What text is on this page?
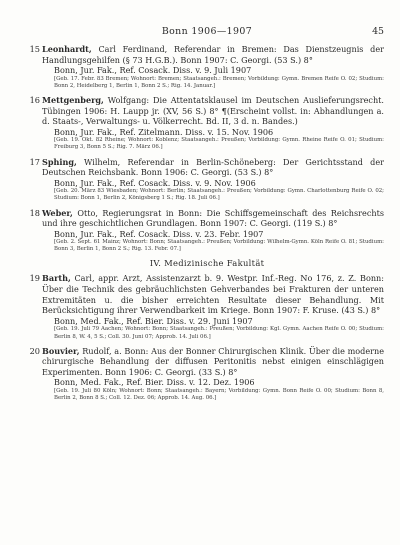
Bonn 1906—1907	45
15 Leonhardt, Carl Ferdinand, Referendar in Bremen: Das Dienstzeugnis der Handlungsgehilfen (§ 73 H.G.B.). Bonn 1907: C. Georgi. (53 S.) 8°
Bonn, Jur. Fak., Ref. Cosack. Diss. v. 9. Juli 1907
[Geb. 17. Febr. 83 Bremen; Wohnort: Bremen; Staatsangeh.: Bremen; Vorbildung: Gymn. Bremen Reife O. 02; Studium: Bonn 2, Heidelberg 1, Berlin 1, Bonn 2 S.; Rig. 14. Januar.]
16 Mettgenberg, Wolfgang: Die Attentatsklausel im Deutschen Auslieferungsrecht. Tübingen 1906: H. Laupp jr. (XV, 56 S.) 8° ¶(Erscheint vollst. in: Abhandlungen a. d. Staats-, Verwaltungs- u. Völkerrecht. Bd. II, 3 d. n. Bandes.)
Bonn, Jur. Fak., Ref. Zitelmann. Diss. v. 15. Nov. 1906
[Geb. 19. Okt. 82 Rheine; Wohnort: Koblenz; Staatsangeh.: Preußen; Vorbildung: Gymn. Rheine Reife O. 01; Studium: Freiburg 3, Bonn 5 S.; Rig. 7. März 06.]
17 Sphing, Wilhelm, Referendar in Berlin-Schöneberg: Der Gerichtsstand der Deutschen Reichsbank. Bonn 1906: C. Georgi. (53 S.) 8°
Bonn, Jur. Fak., Ref. Cosack. Diss. v. 9. Nov. 1906
[Geb. 20. März 83 Wiesbaden; Wohnort: Berlin; Staatsangeh.: Preußen; Vorbildung: Gymn. Charlottenburg Reife O. 02; Studium: Bonn 1, Berlin 2, Königsberg 1 S.; Rig. 18. Juli 06.]
18 Weber, Otto, Regierungsrat in Bonn: Die Schiffsgemeinschaft des Reichsrechts und ihre geschichtlichen Grundlagen. Bonn 1907: C. Georgi. (119 S.) 8°
Bonn, Jur. Fak., Ref. Cosack. Diss. v. 23. Febr. 1907
[Geb. 2. Sept. 61 Mainz; Wohnort: Bonn; Staatsangeh.: Preußen; Vorbildung: Wilhelm-Gymn. Köln Reife O. 81; Studium: Bonn 3, Berlin 1, Bonn 2 S.; Rig. 13. Febr. 07.]
IV. Medizinische Fakultät
19 Barth, Carl, appr. Arzt, Assistenzarzt b. 9. Westpr. Inf.-Reg. No 176, z. Z. Bonn: Über die Technik des gebräuchlichsten Gehverbandes bei Frakturen der unteren Extremitäten u. die bisher erreichten Resultate dieser Behandlung. Mit Berücksichtigung ihrer Verwendbarkeit im Kriege. Bonn 1907: F. Kruse. (43 S.) 8°
Bonn, Med. Fak., Ref. Bier. Diss. v. 29. Juni 1907
[Geb. 19. Juli 79 Aachen; Wohnort: Bonn; Staatsangeh.: Preußen; Vorbildung: Kgl. Gymn. Aachen Reife O. 00; Studium: Berlin 8, W. 4, 5 S.; Coll. 30. Juni 07; Approb. 14. Juli 06.]
20 Bouvier, Rudolf, a. Bonn: Aus der Bonner Chirurgischen Klinik. Über die moderne chirurgische Behandlung der diffusen Peritonitis nebst einigen einschlägigen Experimenten. Bonn 1906: C. Georgi. (33 S.) 8°
Bonn, Med. Fak., Ref. Bier. Diss. v. 12. Dez. 1906
[Geb. 19. Juli 80 Köln; Wohnort: Bonn; Staatsangeh.: Bayern; Vorbildung: Gymn. Bonn Reife O. 00; Studium: Bonn 8, Berlin 2, Bonn 8 S.; Coll. 12. Dez. 06; Approb. 14. Aug. 06.]
